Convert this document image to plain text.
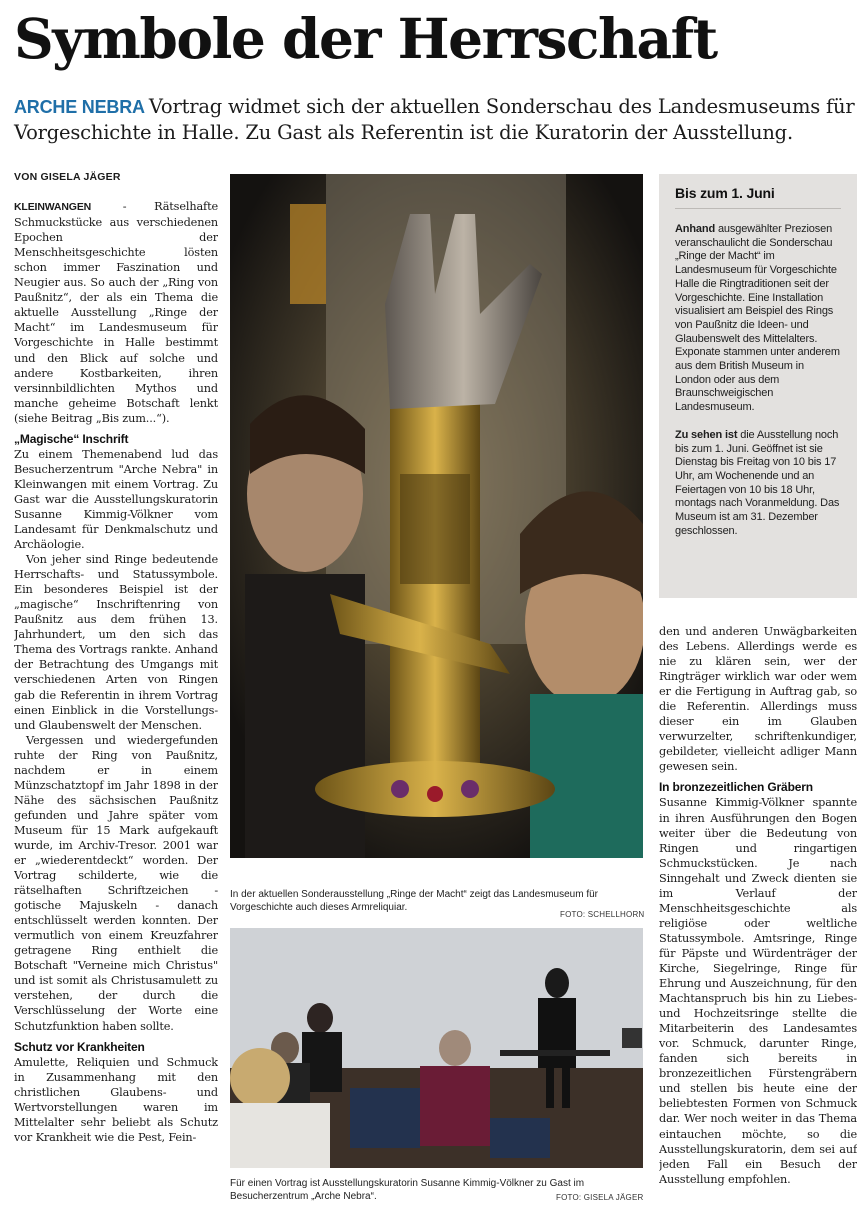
Symbole der Herrschaft
ARCHE NEBRA Vortrag widmet sich der aktuellen Sonderschau des Landesmuseums für Vorgeschichte in Halle. Zu Gast als Referentin ist die Kuratorin der Ausstellung.
VON GISELA JÄGER

KLEINWANGEN - Rätselhafte Schmuckstücke aus verschiedenen Epochen der Menschheitsgeschichte lösten schon immer Faszination und Neugier aus. So auch der „Ring von Paußnitz“, der als ein Thema die aktuelle Ausstellung „Ringe der Macht“ im Landesmuseum für Vorgeschichte in Halle bestimmt und den Blick auf solche und andere Kostbarkeiten, ihren versinnbildlichten Mythos und manche geheime Botschaft lenkt (siehe Beitrag „Bis zum...“).

„Magische“ Inschrift

Zu einem Themenabend lud das Besucherzentrum "Arche Nebra" in Kleinwangen mit einem Vortrag. Zu Gast war die Ausstellungskuratorin Susanne Kimmig-Völkner vom Landesamt für Denkmalschutz und Archäologie.

Von jeher sind Ringe bedeutende Herrschafts- und Statussymbole. Ein besonderes Beispiel ist der „magische“ Inschriftenring von Paußnitz aus dem frühen 13. Jahrhundert, um den sich das Thema des Vortrags rankte. Anhand der Betrachtung des Umgangs mit verschiedenen Arten von Ringen gab die Referentin in ihrem Vortrag einen Einblick in die Vorstellungs- und Glaubenswelt der Menschen.

Vergessen und wiedergefunden ruhte der Ring von Paußnitz, nachdem er in einem Münzschatztopf im Jahr 1898 in der Nähe des sächsischen Paußnitz gefunden und Jahre später vom Museum für 15 Mark aufgekauft wurde, im Archiv-Tresor. 2001 war er „wiederentdeckt“ worden. Der Vortrag schilderte, wie die rätselhaften Schriftzeichen - gotische Majuskeln - danach entschlüsselt werden konnten. Der vermutlich von einem Kreuzfahrer getragene Ring enthielt die Botschaft "Verneine mich Christus" und ist somit als Christusamulett zu verstehen, der durch die Verschlüsselung der Worte eine Schutzfunktion haben sollte.

Schutz vor Krankheiten

Amulette, Reliquien und Schmuck in Zusammenhang mit den christlichen Glaubens- und Wertvorstellungen waren im Mittelalter sehr beliebt als Schutz vor Krankheit wie die Pest, Fein-

In der aktuellen Sonderausstellung „Ringe der Macht“ zeigt das Landesmuseum für Vorgeschichte auch dieses Armreliquiar.
FOTO: SCHELLHORN
Für einen Vortrag ist Ausstellungskuratorin Susanne Kimmig-Völkner zu Gast im Besucherzentrum „Arche Nebra“.	FOTO: GISELA JÄGER
Bis zum 1. Juni

Anhand ausgewählter Preziosen veranschaulicht die Sonderschau „Ringe der Macht“ im Landesmuseum für Vorgeschichte Halle die Ringtraditionen seit der Vorgeschichte. Eine Installation visualisiert am Beispiel des Rings von Paußnitz die Ideen- und Glaubenswelt des Mittelalters. Exponate stammen unter anderem aus dem British Museum in London oder aus dem Braunschweigischen Landesmuseum.

Zu sehen ist die Ausstellung noch bis zum 1. Juni. Geöffnet ist sie Dienstag bis Freitag von 10 bis 17 Uhr, am Wochenende und an Feiertagen von 10 bis 18 Uhr, montags nach Voranmeldung. Das Museum ist am 31. Dezember geschlossen.

den und anderen Unwägbarkeiten des Lebens. Allerdings werde es nie zu klären sein, wer der Ringträger wirklich war oder wem er die Fertigung in Auftrag gab, so die Referentin. Allerdings muss dieser ein im Glauben verwurzelter, schriftenkundiger, gebildeter, vielleicht adliger Mann gewesen sein.

In bronzezeitlichen Gräbern

Susanne Kimmig-Völkner spannte in ihren Ausführungen den Bogen weiter über die Bedeutung von Ringen und ringartigen Schmuckstücken. Je nach Sinngehalt und Zweck dienten sie im Verlauf der Menschheitsgeschichte als religiöse oder weltliche Statussymbole. Amtsringe, Ringe für Päpste und Würdenträger der Kirche, Siegelringe, Ringe für Ehrung und Auszeichnung, für den Machtanspruch bis hin zu Liebes- und Hochzeitsringe stellte die Mitarbeiterin des Landesamtes vor. Schmuck, darunter Ringe, fanden sich bereits in bronzezeitlichen Fürstengräbern und stellen bis heute eine der beliebtesten Formen von Schmuck dar. Wer noch weiter in das Thema eintauchen möchte, so die Ausstellungskuratorin, dem sei auf jeden Fall ein Besuch der Ausstellung empfohlen.
